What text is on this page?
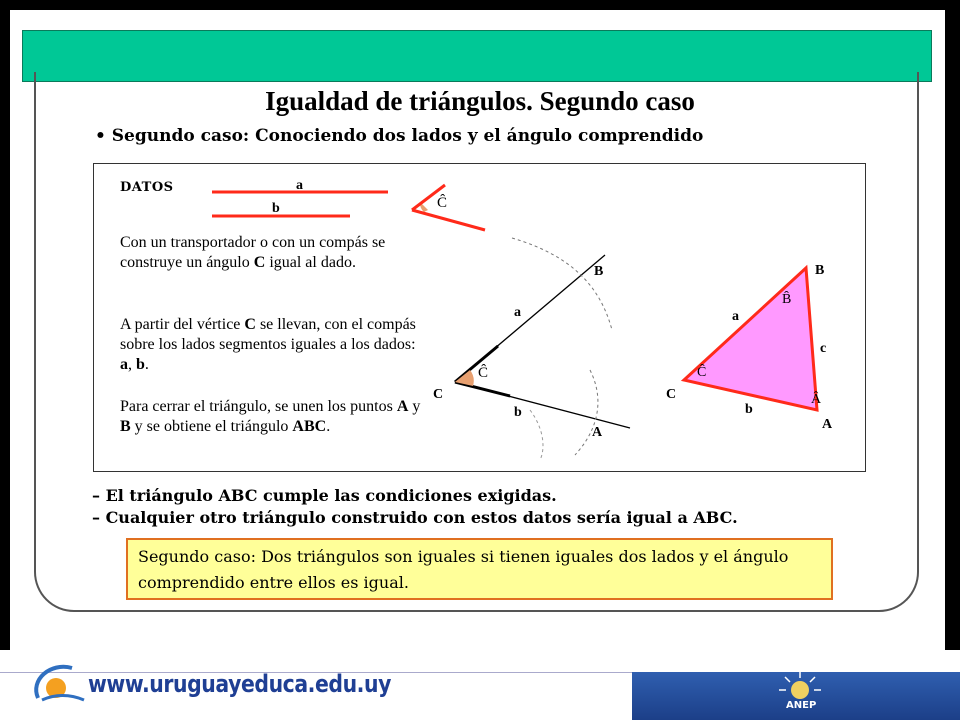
Igualdad de triángulos. Segundo caso
• Segundo caso: Conociendo dos lados y el ángulo comprendido
DATOS
Con un transportador o con un compás se construye un ángulo C igual al dado.
A partir del vértice C se llevan, con el compás sobre los lados segmentos iguales a los dados: a, b.
Para cerrar el triángulo, se unen los puntos A y B y se obtiene el triángulo ABC.
a
b	Ĉ
B
C
A
a
b
Ĉ
B
C
A
a
b
c
B̂
Ĉ
Â
– El triángulo ABC cumple las condiciones exigidas.
– Cualquier otro triángulo construido con estos datos sería igual a ABC.
Segundo caso: Dos triángulos son iguales si tienen iguales dos lados y el ángulo comprendido entre ellos es igual.
www.uruguayeduca.edu.uy
ANEP
